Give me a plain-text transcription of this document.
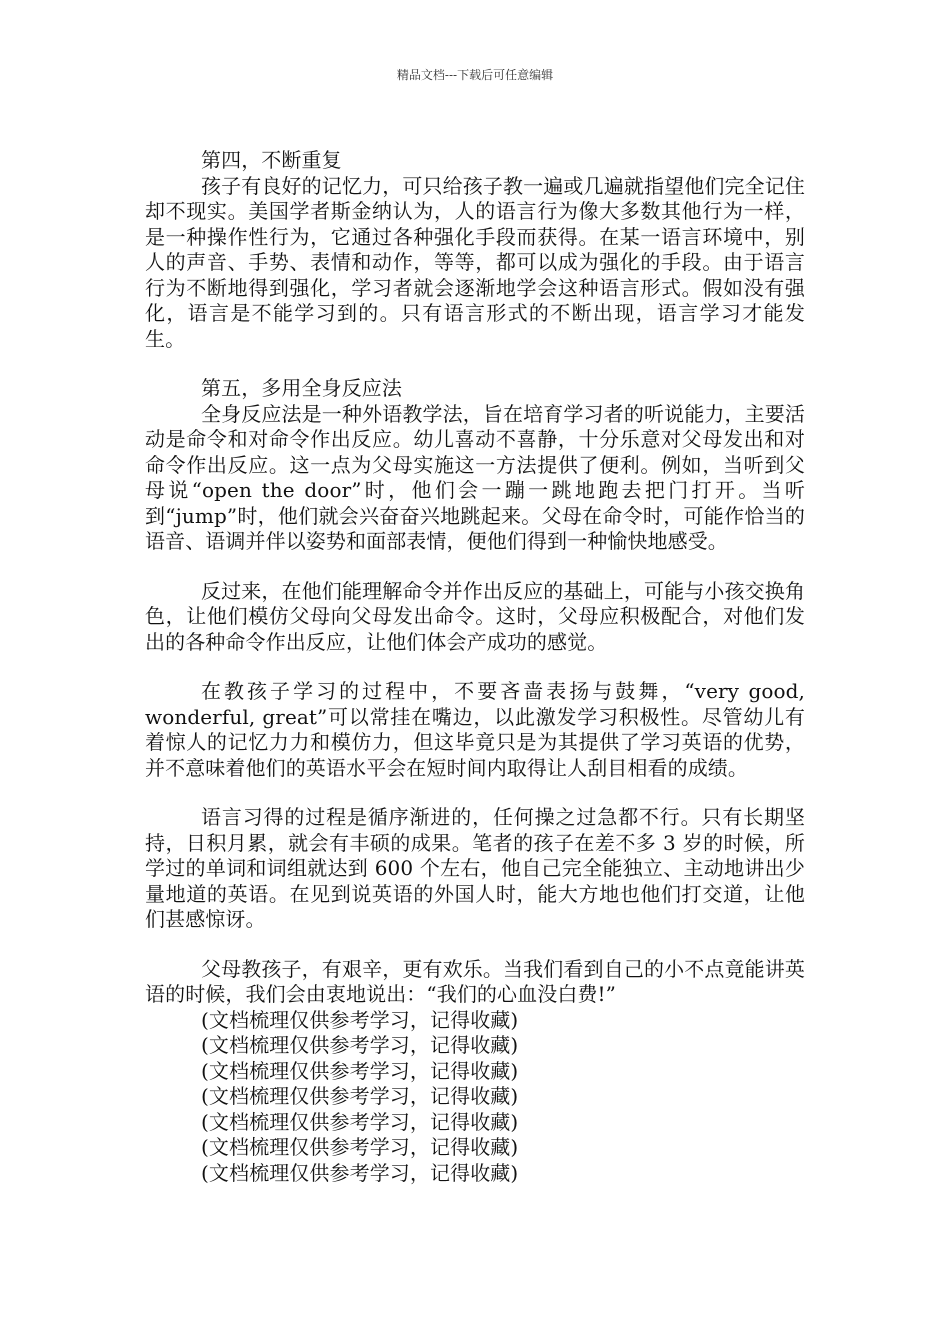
精品文档---下载后可任意编辑

第四，不断重复

孩子有良好的记忆力，可只给孩子教一遍或几遍就指望他们完全记住却不现实。美国学者斯金纳认为，人的语言行为像大多数其他行为一样，是一种操作性行为，它通过各种强化手段而获得。在某一语言环境中，别人的声音、手势、表情和动作，等等，都可以成为强化的手段。由于语言行为不断地得到强化，学习者就会逐渐地学会这种语言形式。假如没有强化，语言是不能学习到的。只有语言形式的不断出现，语言学习才能发生。

第五，多用全身反应法

全身反应法是一种外语教学法，旨在培育学习者的听说能力，主要活动是命令和对命令作出反应。幼儿喜动不喜静，十分乐意对父母发出和对命令作出反应。这一点为父母实施这一方法提供了便利。例如，当听到父母说“open the door”时，他们会一蹦一跳地跑去把门打开。当听到“jump”时，他们就会兴奋奋兴地跳起来。父母在命令时，可能作恰当的语音、语调并伴以姿势和面部表情，便他们得到一种愉快地感受。

反过来，在他们能理解命令并作出反应的基础上，可能与小孩交换角色，让他们模仿父母向父母发出命令。这时，父母应积极配合，对他们发出的各种命令作出反应，让他们体会产成功的感觉。

在教孩子学习的过程中，不要吝啬表扬与鼓舞，“very good, wonderful, great”可以常挂在嘴边，以此激发学习积极性。尽管幼儿有着惊人的记忆力力和模仿力，但这毕竟只是为其提供了学习英语的优势，并不意味着他们的英语水平会在短时间内取得让人刮目相看的成绩。

语言习得的过程是循序渐进的，任何操之过急都不行。只有长期坚持，日积月累，就会有丰硕的成果。笔者的孩子在差不多 3 岁的时候，所学过的单词和词组就达到 600 个左右，他自己完全能独立、主动地讲出少量地道的英语。在见到说英语的外国人时，能大方地也他们打交道，让他们甚感惊讶。

父母教孩子，有艰辛，更有欢乐。当我们看到自己的小不点竟能讲英语的时候，我们会由衷地说出：“我们的心血没白费!”

(文档梳理仅供参考学习，记得收藏)

(文档梳理仅供参考学习，记得收藏)

(文档梳理仅供参考学习，记得收藏)

(文档梳理仅供参考学习，记得收藏)

(文档梳理仅供参考学习，记得收藏)

(文档梳理仅供参考学习，记得收藏)

(文档梳理仅供参考学习，记得收藏)
